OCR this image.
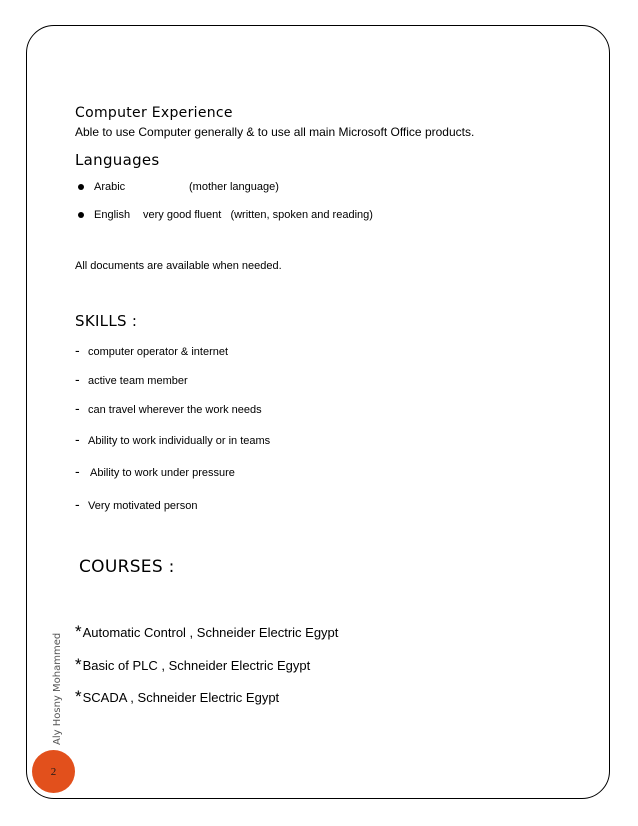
Computer Experience

Able to use Computer generally & to use all main Microsoft Office products.

Languages
Arabic	(mother language)
English	very good fluent   (written, spoken and reading)

All documents are available when needed.

SKILLS :
- computer operator & internet
- active team member
- can travel wherever the work needs
- Ability to work individually or in teams
- Ability to work under pressure
- Very motivated person
COURSES :
* Automatic Control , Schneider Electric Egypt
* Basic of PLC , Schneider Electric Egypt
* SCADA , Schneider Electric Egypt
Aly Hosny Mohammed
2
